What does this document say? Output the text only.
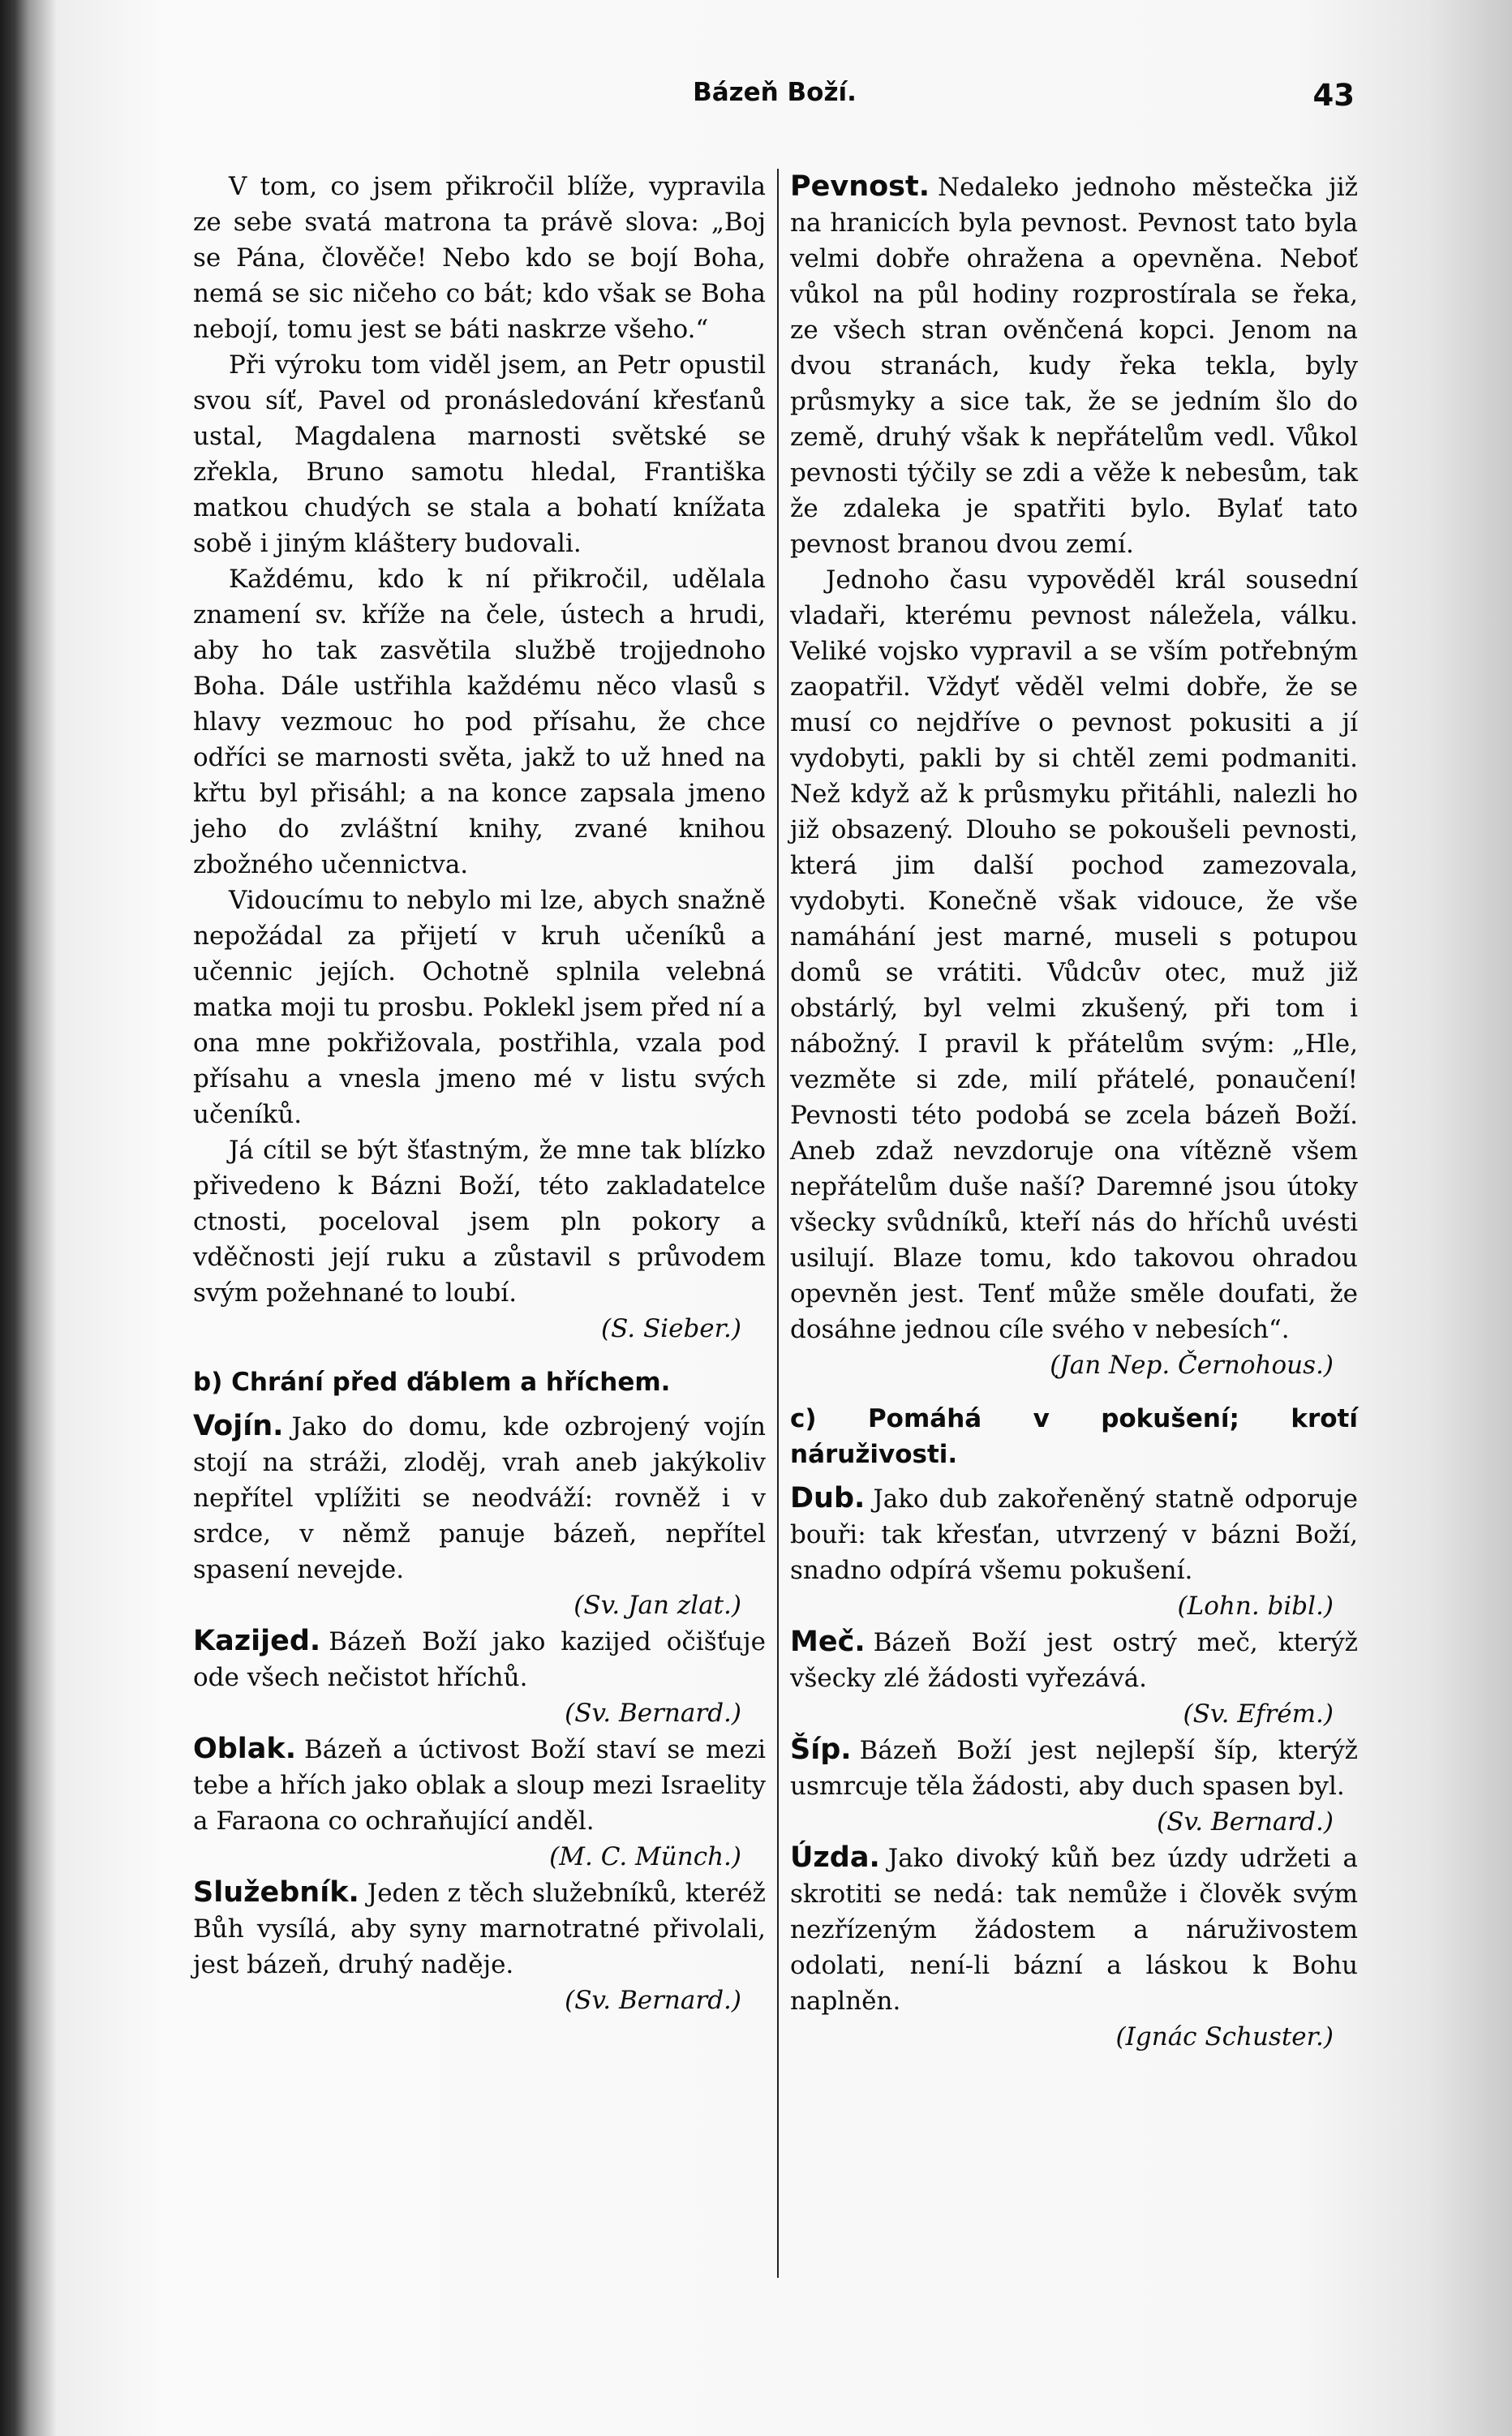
Bázeň Boží.	43

V tom, co jsem přikročil blíže, vypravila ze sebe svatá matrona ta právě slova: „Boj se Pána, člověče! Nebo kdo se bojí Boha, nemá se sic ničeho co bát; kdo však se Boha nebojí, tomu jest se báti naskrze všeho.“

Při výroku tom viděl jsem, an Petr opustil svou síť, Pavel od pronásledování křesťanů ustal, Magdalena marnosti světské se zřekla, Bruno samotu hledal, Františka matkou chudých se stala a bohatí knížata sobě i jiným kláštery budovali.

Každému, kdo k ní přikročil, udělala znamení sv. kříže na čele, ústech a hrudi, aby ho tak zasvětila službě trojjednoho Boha. Dále ustřihla každému něco vlasů s hlavy vezmouc ho pod přísahu, že chce odříci se marnosti světa, jakž to už hned na křtu byl přisáhl; a na konce zapsala jmeno jeho do zvláštní knihy, zvané knihou zbožného učennictva.

Vidoucímu to nebylo mi lze, abych snažně nepožádal za přijetí v kruh učeníků a učennic jejích. Ochotně splnila velebná matka moji tu prosbu. Poklekl jsem před ní a ona mne pokřižovala, postřihla, vzala pod přísahu a vnesla jmeno mé v listu svých učeníků.

Já cítil se být šťastným, že mne tak blízko přivedeno k Bázni Boží, této zakladatelce ctnosti, poceloval jsem pln pokory a vděčnosti její ruku a zůstavil s průvodem svým požehnané to loubí.

(S. Sieber.)

b) Chrání před ďáblem a hříchem.

Vojín. Jako do domu, kde ozbrojený vojín stojí na stráži, zloděj, vrah aneb jakýkoliv nepřítel vplížiti se neodváží: rovněž i v srdce, v němž panuje bázeň, nepřítel spasení nevejde.

(Sv. Jan zlat.)

Kazijed. Bázeň Boží jako kazijed očišťuje ode všech nečistot hříchů.

(Sv. Bernard.)

Oblak. Bázeň a úctivost Boží staví se mezi tebe a hřích jako oblak a sloup mezi Israelity a Faraona co ochraňující anděl.

(M. C. Münch.)

Služebník. Jeden z těch služebníků, kteréž Bůh vysílá, aby syny marnotratné přivolali, jest bázeň, druhý naděje.

(Sv. Bernard.)

Pevnost. Nedaleko jednoho městečka již na hranicích byla pevnost. Pevnost tato byla velmi dobře ohražena a opevněna. Neboť vůkol na půl hodiny rozprostírala se řeka, ze všech stran ověnčená kopci. Jenom na dvou stranách, kudy řeka tekla, byly průsmyky a sice tak, že se jedním šlo do země, druhý však k nepřátelům vedl. Vůkol pevnosti týčily se zdi a věže k nebesům, tak že zdaleka je spatřiti bylo. Bylať tato pevnost branou dvou zemí.

Jednoho času vypověděl král sousední vladaři, kterému pevnost náležela, válku. Veliké vojsko vypravil a se vším potřebným zaopatřil. Vždyť věděl velmi dobře, že se musí co nejdříve o pevnost pokusiti a jí vydobyti, pakli by si chtěl zemi podmaniti. Než když až k průsmyku přitáhli, nalezli ho již obsazený. Dlouho se pokoušeli pevnosti, která jim další pochod zamezovala, vydobyti. Konečně však vidouce, že vše namáhání jest marné, museli s potupou domů se vrátiti. Vůdcův otec, muž již obstárlý, byl velmi zkušený, při tom i nábožný. I pravil k přátelům svým: „Hle, vezměte si zde, milí přátelé, ponaučení! Pevnosti této podobá se zcela bázeň Boží. Aneb zdaž nevzdoruje ona vítězně všem nepřátelům duše naší? Daremné jsou útoky všecky svůdníků, kteří nás do hříchů uvésti usilují. Blaze tomu, kdo takovou ohradou opevněn jest. Tenť může směle doufati, že dosáhne jednou cíle svého v nebesích“.

(Jan Nep. Černohous.)

c) Pomáhá v pokušení; krotí náruživosti.

Dub. Jako dub zakořeněný statně odporuje bouři: tak křesťan, utvrzený v bázni Boží, snadno odpírá všemu pokušení.

(Lohn. bibl.)

Meč. Bázeň Boží jest ostrý meč, kterýž všecky zlé žádosti vyřezává.

(Sv. Efrém.)

Šíp. Bázeň Boží jest nejlepší šíp, kterýž usmrcuje těla žádosti, aby duch spasen byl.

(Sv. Bernard.)

Úzda. Jako divoký kůň bez úzdy udržeti a skrotiti se nedá: tak nemůže i člověk svým nezřízeným žádostem a náruživostem odolati, není-li bázní a láskou k Bohu naplněn.

(Ignác Schuster.)
